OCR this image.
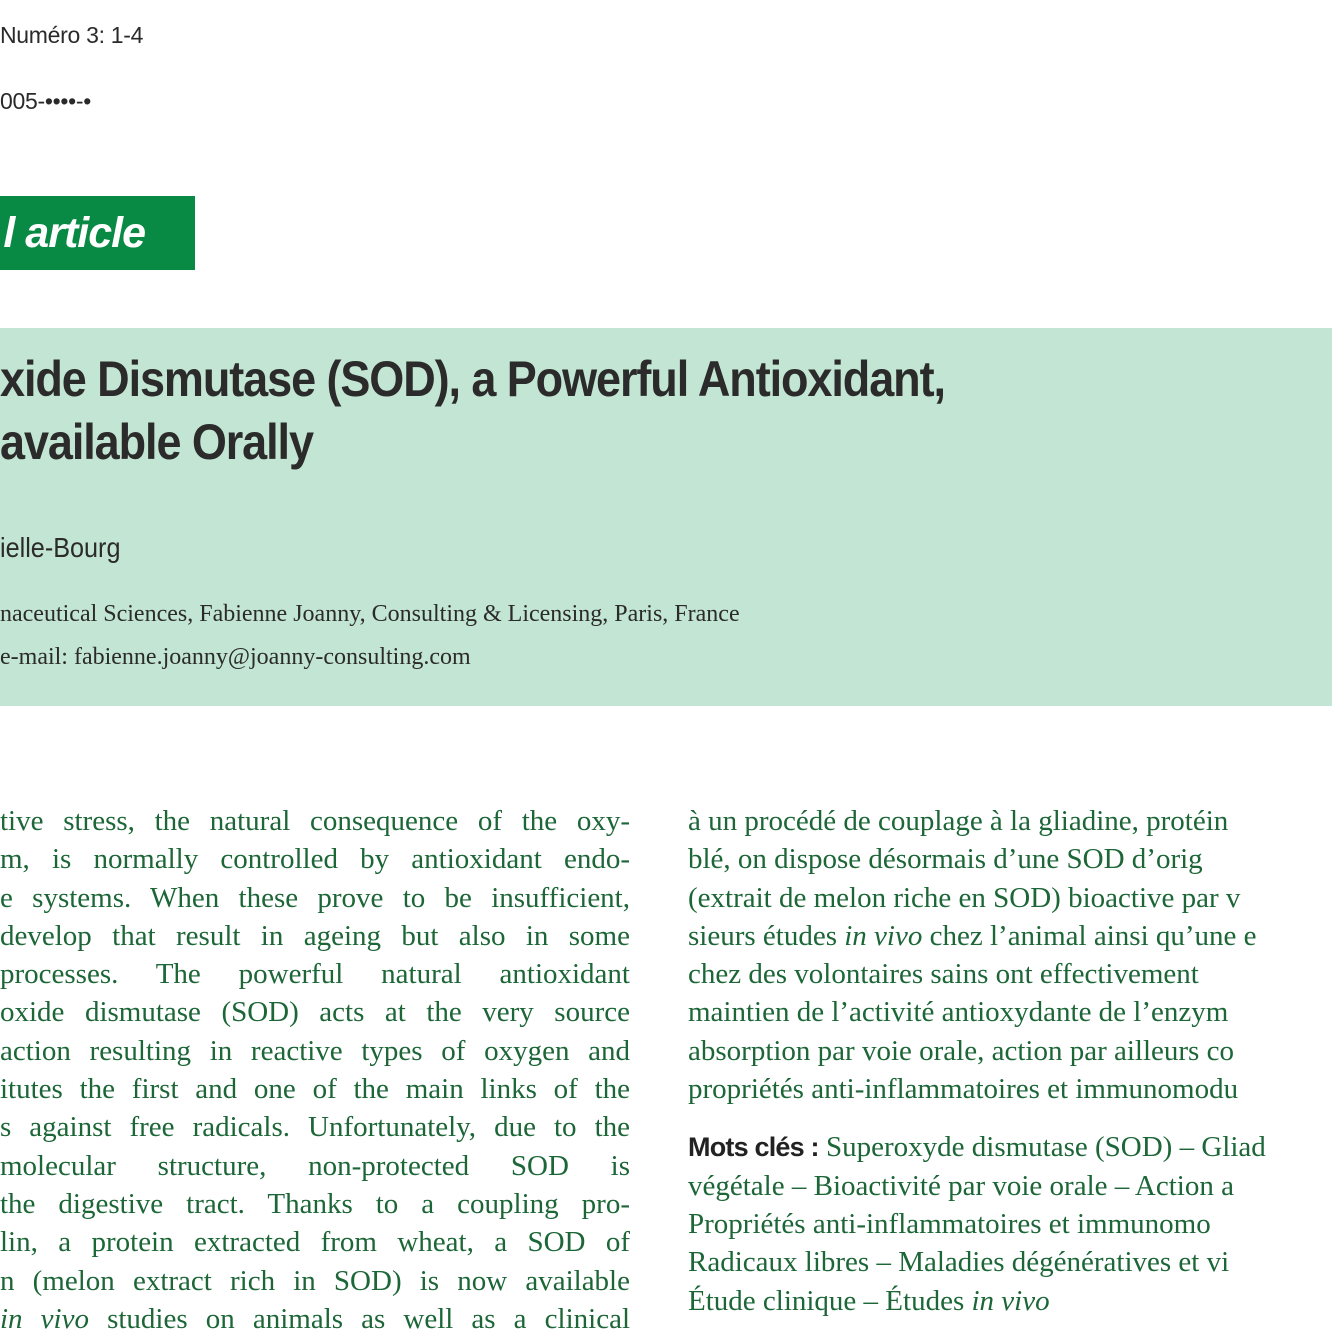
Numéro 3: 1-4
005-••••-•
l article
xide Dismutase (SOD), a Powerful Antioxidant,
available Orally
ielle-Bourg
naceutical Sciences, Fabienne Joanny, Consulting & Licensing, Paris, France
e-mail: fabienne.joanny@joanny-consulting.com
tive stress, the natural consequence of the oxy-
m, is normally controlled by antioxidant endo-
e systems. When these prove to be insufficient,
develop that result in ageing but also in some
processes. The powerful natural antioxidant
oxide dismutase (SOD) acts at the very source
action resulting in reactive types of oxygen and
itutes the first and one of the main links of the
s against free radicals. Unfortunately, due to the
molecular structure, non-protected SOD is
the digestive tract. Thanks to a coupling pro-
lin, a protein extracted from wheat, a SOD of
n (melon extract rich in SOD) is now available
in vivo studies on animals as well as a clinical
à un procédé de couplage à la gliadine, protéin
blé, on dispose désormais d’une SOD d’orig
(extrait de melon riche en SOD) bioactive par v
sieurs études in vivo chez l’animal ainsi qu’une e
chez des volontaires sains ont effectivement
maintien de l’activité antioxydante de l’enzym
absorption par voie orale, action par ailleurs co
propriétés anti-inflammatoires et immunomodu
Mots clés : Superoxyde dismutase (SOD) – Gliad
végétale – Bioactivité par voie orale – Action a
Propriétés anti-inflammatoires et immunomo
Radicaux libres – Maladies dégénératives et vi
Étude clinique – Études in vivo
